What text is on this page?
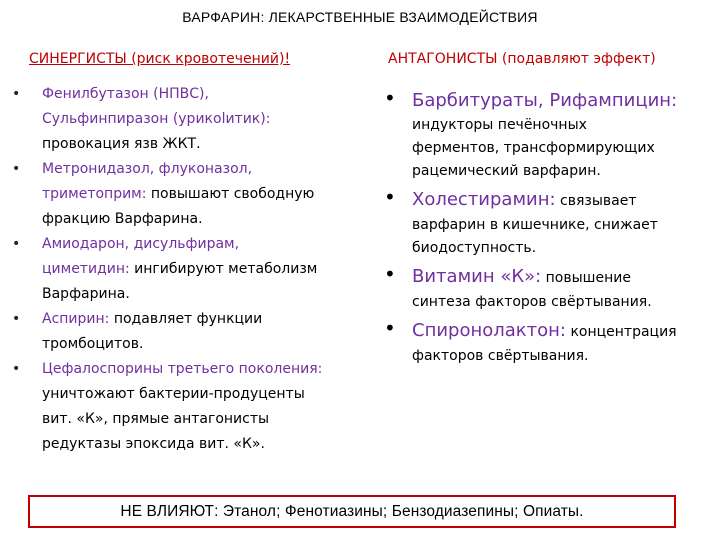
ВАРФАРИН: ЛЕКАРСТВЕННЫЕ ВЗАИМОДЕЙСТВИЯ
СИНЕРГИСТЫ (риск кровотечений)!	АНТАГОНИСТЫ (подавляют эффект)
• Фенилбутазон (НПВС),
Сульфинпиразон (урикolитик):
провокация язв ЖКТ.
• Метронидазол, флуконазол,
триметоприм: повышают свободную
фракцию Варфарина.
• Амиодарон, дисульфирам,
циметидин: ингибируют метаболизм
Варфарина.
• Аспирин: подавляет функции
тромбоцитов.
• Цефалоспорины третьего поколения:
уничтожают бактерии-продуценты
вит. «К», прямые антагонисты
редуктазы эпоксида вит. «К».
• Барбитураты, Рифампицин:
индукторы печёночных
ферментов, трансформирующих
рацемический варфарин.
• Холестирамин: связывает
варфарин в кишечнике, снижает
биодоступность.
• Витамин «К»: повышение
синтеза факторов свёртывания.
• Спиронолактон: концентрация
факторов свёртывания.
НЕ ВЛИЯЮТ: Этанол; Фенотиазины; Бензодиазепины; Опиаты.
